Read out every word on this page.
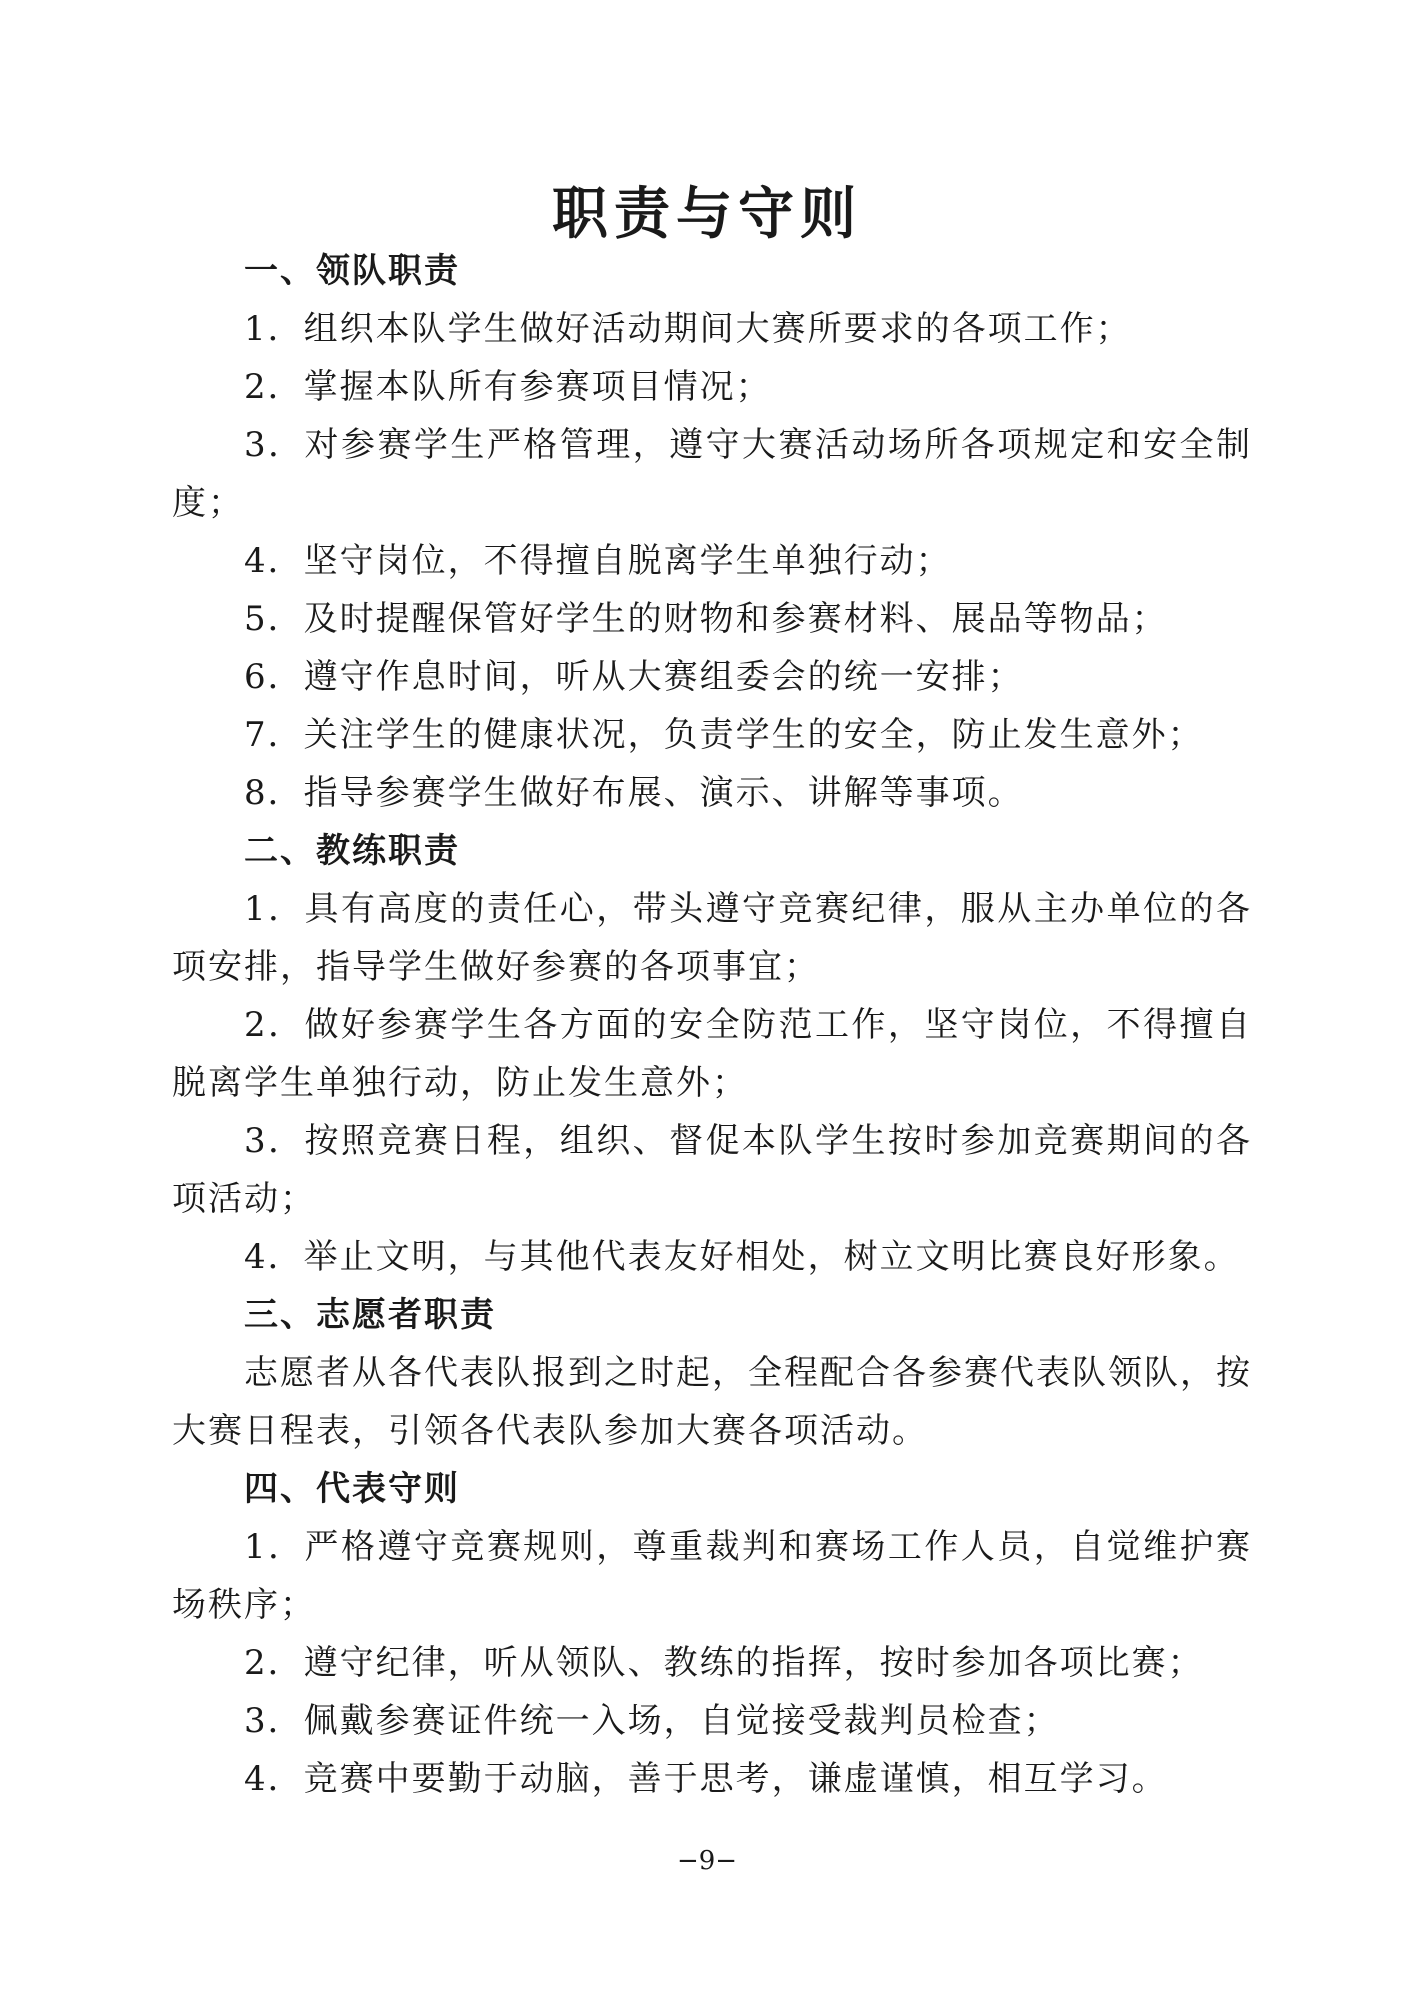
职责与守则
一、领队职责
1．组织本队学生做好活动期间大赛所要求的各项工作；
2．掌握本队所有参赛项目情况；
3．对参赛学生严格管理，遵守大赛活动场所各项规定和安全制度；
4．坚守岗位，不得擅自脱离学生单独行动；
5．及时提醒保管好学生的财物和参赛材料、展品等物品；
6．遵守作息时间，听从大赛组委会的统一安排；
7．关注学生的健康状况，负责学生的安全，防止发生意外；
8．指导参赛学生做好布展、演示、讲解等事项。
二、教练职责
1．具有高度的责任心，带头遵守竞赛纪律，服从主办单位的各项安排，指导学生做好参赛的各项事宜；
2．做好参赛学生各方面的安全防范工作，坚守岗位，不得擅自脱离学生单独行动，防止发生意外；
3．按照竞赛日程，组织、督促本队学生按时参加竞赛期间的各项活动；
4．举止文明，与其他代表友好相处，树立文明比赛良好形象。
三、志愿者职责
志愿者从各代表队报到之时起，全程配合各参赛代表队领队，按大赛日程表，引领各代表队参加大赛各项活动。
四、代表守则
1．严格遵守竞赛规则，尊重裁判和赛场工作人员，自觉维护赛场秩序；
2．遵守纪律，听从领队、教练的指挥，按时参加各项比赛；
3．佩戴参赛证件统一入场，自觉接受裁判员检查；
4．竞赛中要勤于动脑，善于思考，谦虚谨慎，相互学习。
−9−
